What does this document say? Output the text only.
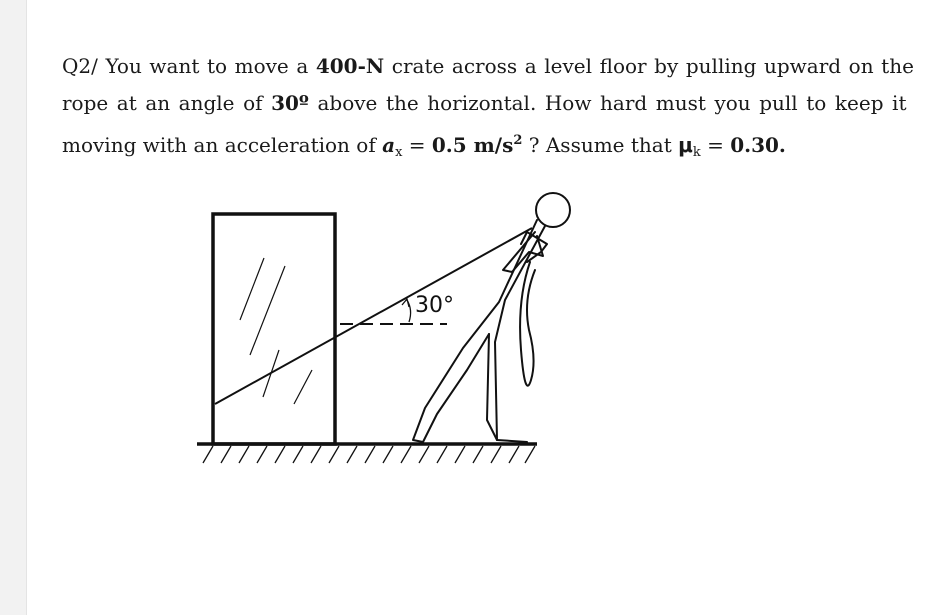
Q2/ You want to move a 400-N crate across a level floor by pulling upward on the
rope at an angle of 30º above the horizontal. How hard must you pull to keep it
moving with an acceleration of $a_x = 0.5$ $m/s^2$ ? Assume that $\mu_k = 0.30$.
30°
